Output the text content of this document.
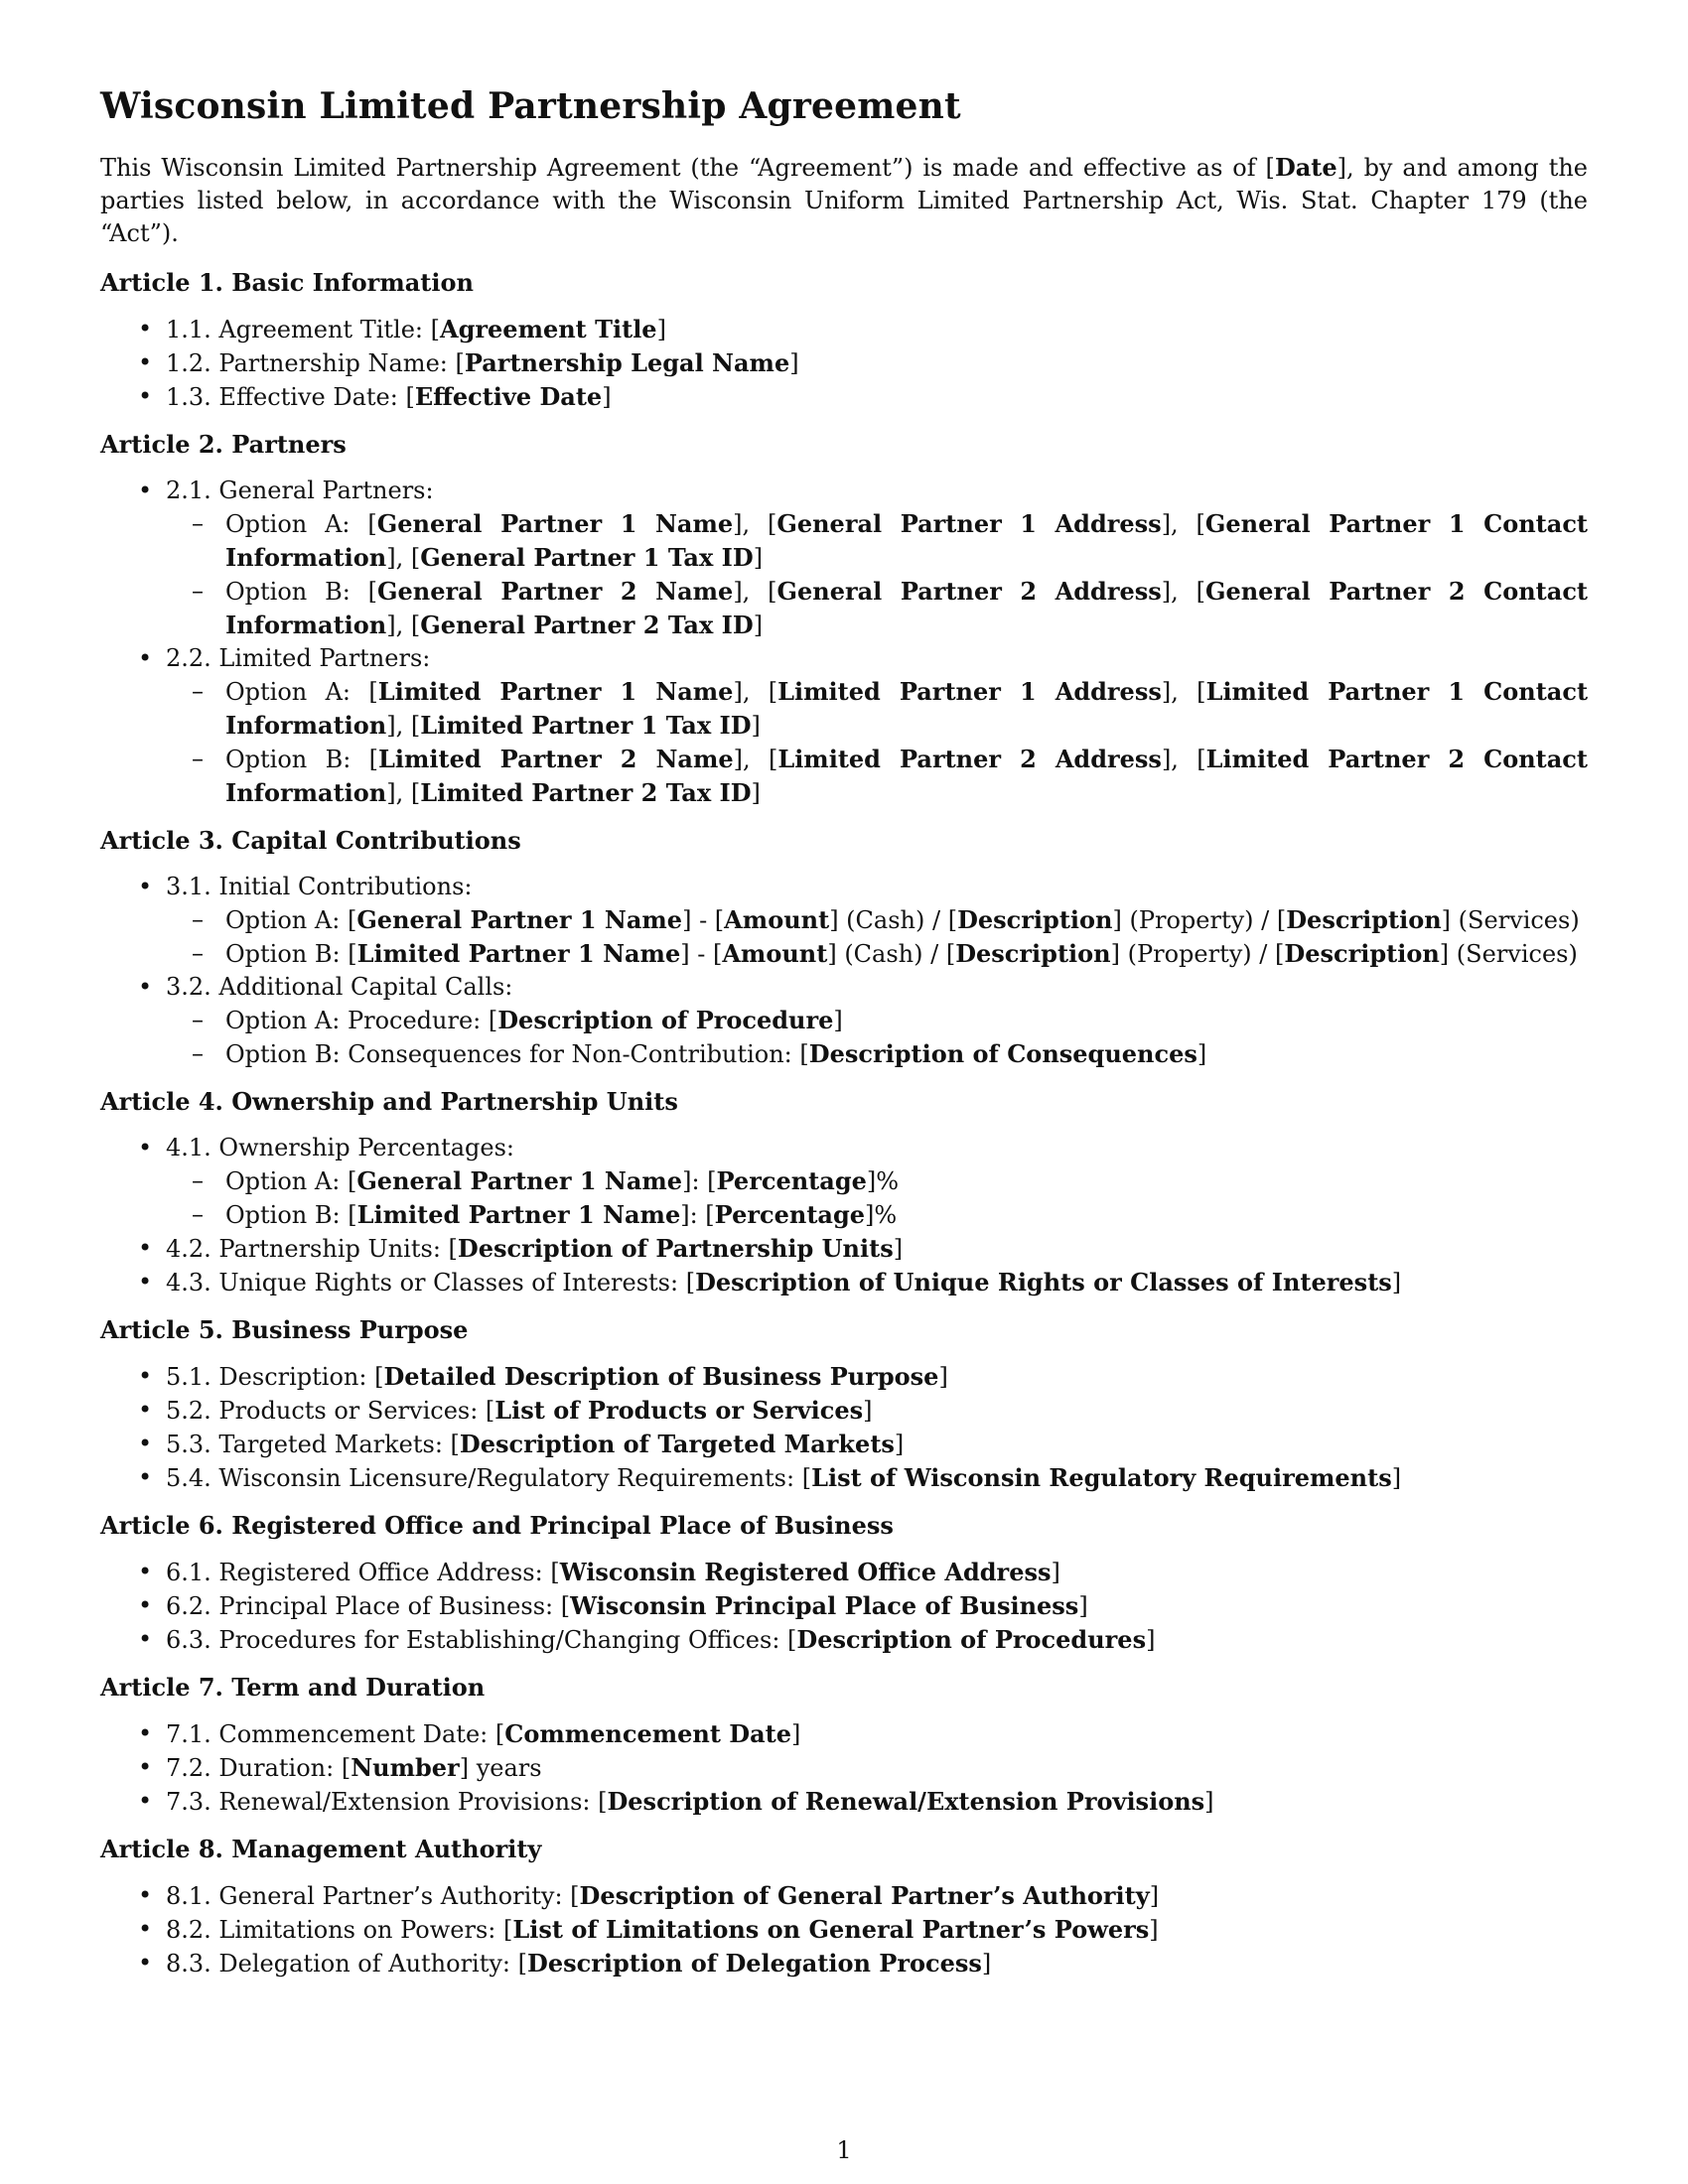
Wisconsin Limited Partnership Agreement

This Wisconsin Limited Partnership Agreement (the “Agreement”) is made and effective as of [Date], by and among the parties listed below, in accordance with the Wisconsin Uniform Limited Partnership Act, Wis. Stat. Chapter 179 (the “Act”).

Article 1. Basic Information
• 1.1. Agreement Title: [Agreement Title]
• 1.2. Partnership Name: [Partnership Legal Name]
• 1.3. Effective Date: [Effective Date]
Article 2. Partners
• 2.1. General Partners:
– Option A: [General Partner 1 Name], [General Partner 1 Address], [General Partner 1 Contact Information], [General Partner 1 Tax ID]
– Option B: [General Partner 2 Name], [General Partner 2 Address], [General Partner 2 Contact Information], [General Partner 2 Tax ID]
• 2.2. Limited Partners:
– Option A: [Limited Partner 1 Name], [Limited Partner 1 Address], [Limited Partner 1 Contact Information], [Limited Partner 1 Tax ID]
– Option B: [Limited Partner 2 Name], [Limited Partner 2 Address], [Limited Partner 2 Contact Information], [Limited Partner 2 Tax ID]
Article 3. Capital Contributions
• 3.1. Initial Contributions:
– Option A: [General Partner 1 Name] - [Amount] (Cash) / [Description] (Property) / [Description] (Services)
– Option B: [Limited Partner 1 Name] - [Amount] (Cash) / [Description] (Property) / [Description] (Services)
• 3.2. Additional Capital Calls:
– Option A: Procedure: [Description of Procedure]
– Option B: Consequences for Non-Contribution: [Description of Consequences]
Article 4. Ownership and Partnership Units
• 4.1. Ownership Percentages:
– Option A: [General Partner 1 Name]: [Percentage]%
– Option B: [Limited Partner 1 Name]: [Percentage]%
• 4.2. Partnership Units: [Description of Partnership Units]
• 4.3. Unique Rights or Classes of Interests: [Description of Unique Rights or Classes of Interests]
Article 5. Business Purpose
• 5.1. Description: [Detailed Description of Business Purpose]
• 5.2. Products or Services: [List of Products or Services]
• 5.3. Targeted Markets: [Description of Targeted Markets]
• 5.4. Wisconsin Licensure/Regulatory Requirements: [List of Wisconsin Regulatory Requirements]
Article 6. Registered Office and Principal Place of Business
• 6.1. Registered Office Address: [Wisconsin Registered Office Address]
• 6.2. Principal Place of Business: [Wisconsin Principal Place of Business]
• 6.3. Procedures for Establishing/Changing Offices: [Description of Procedures]
Article 7. Term and Duration
• 7.1. Commencement Date: [Commencement Date]
• 7.2. Duration: [Number] years
• 7.3. Renewal/Extension Provisions: [Description of Renewal/Extension Provisions]
Article 8. Management Authority
• 8.1. General Partner’s Authority: [Description of General Partner’s Authority]
• 8.2. Limitations on Powers: [List of Limitations on General Partner’s Powers]
• 8.3. Delegation of Authority: [Description of Delegation Process]
1
